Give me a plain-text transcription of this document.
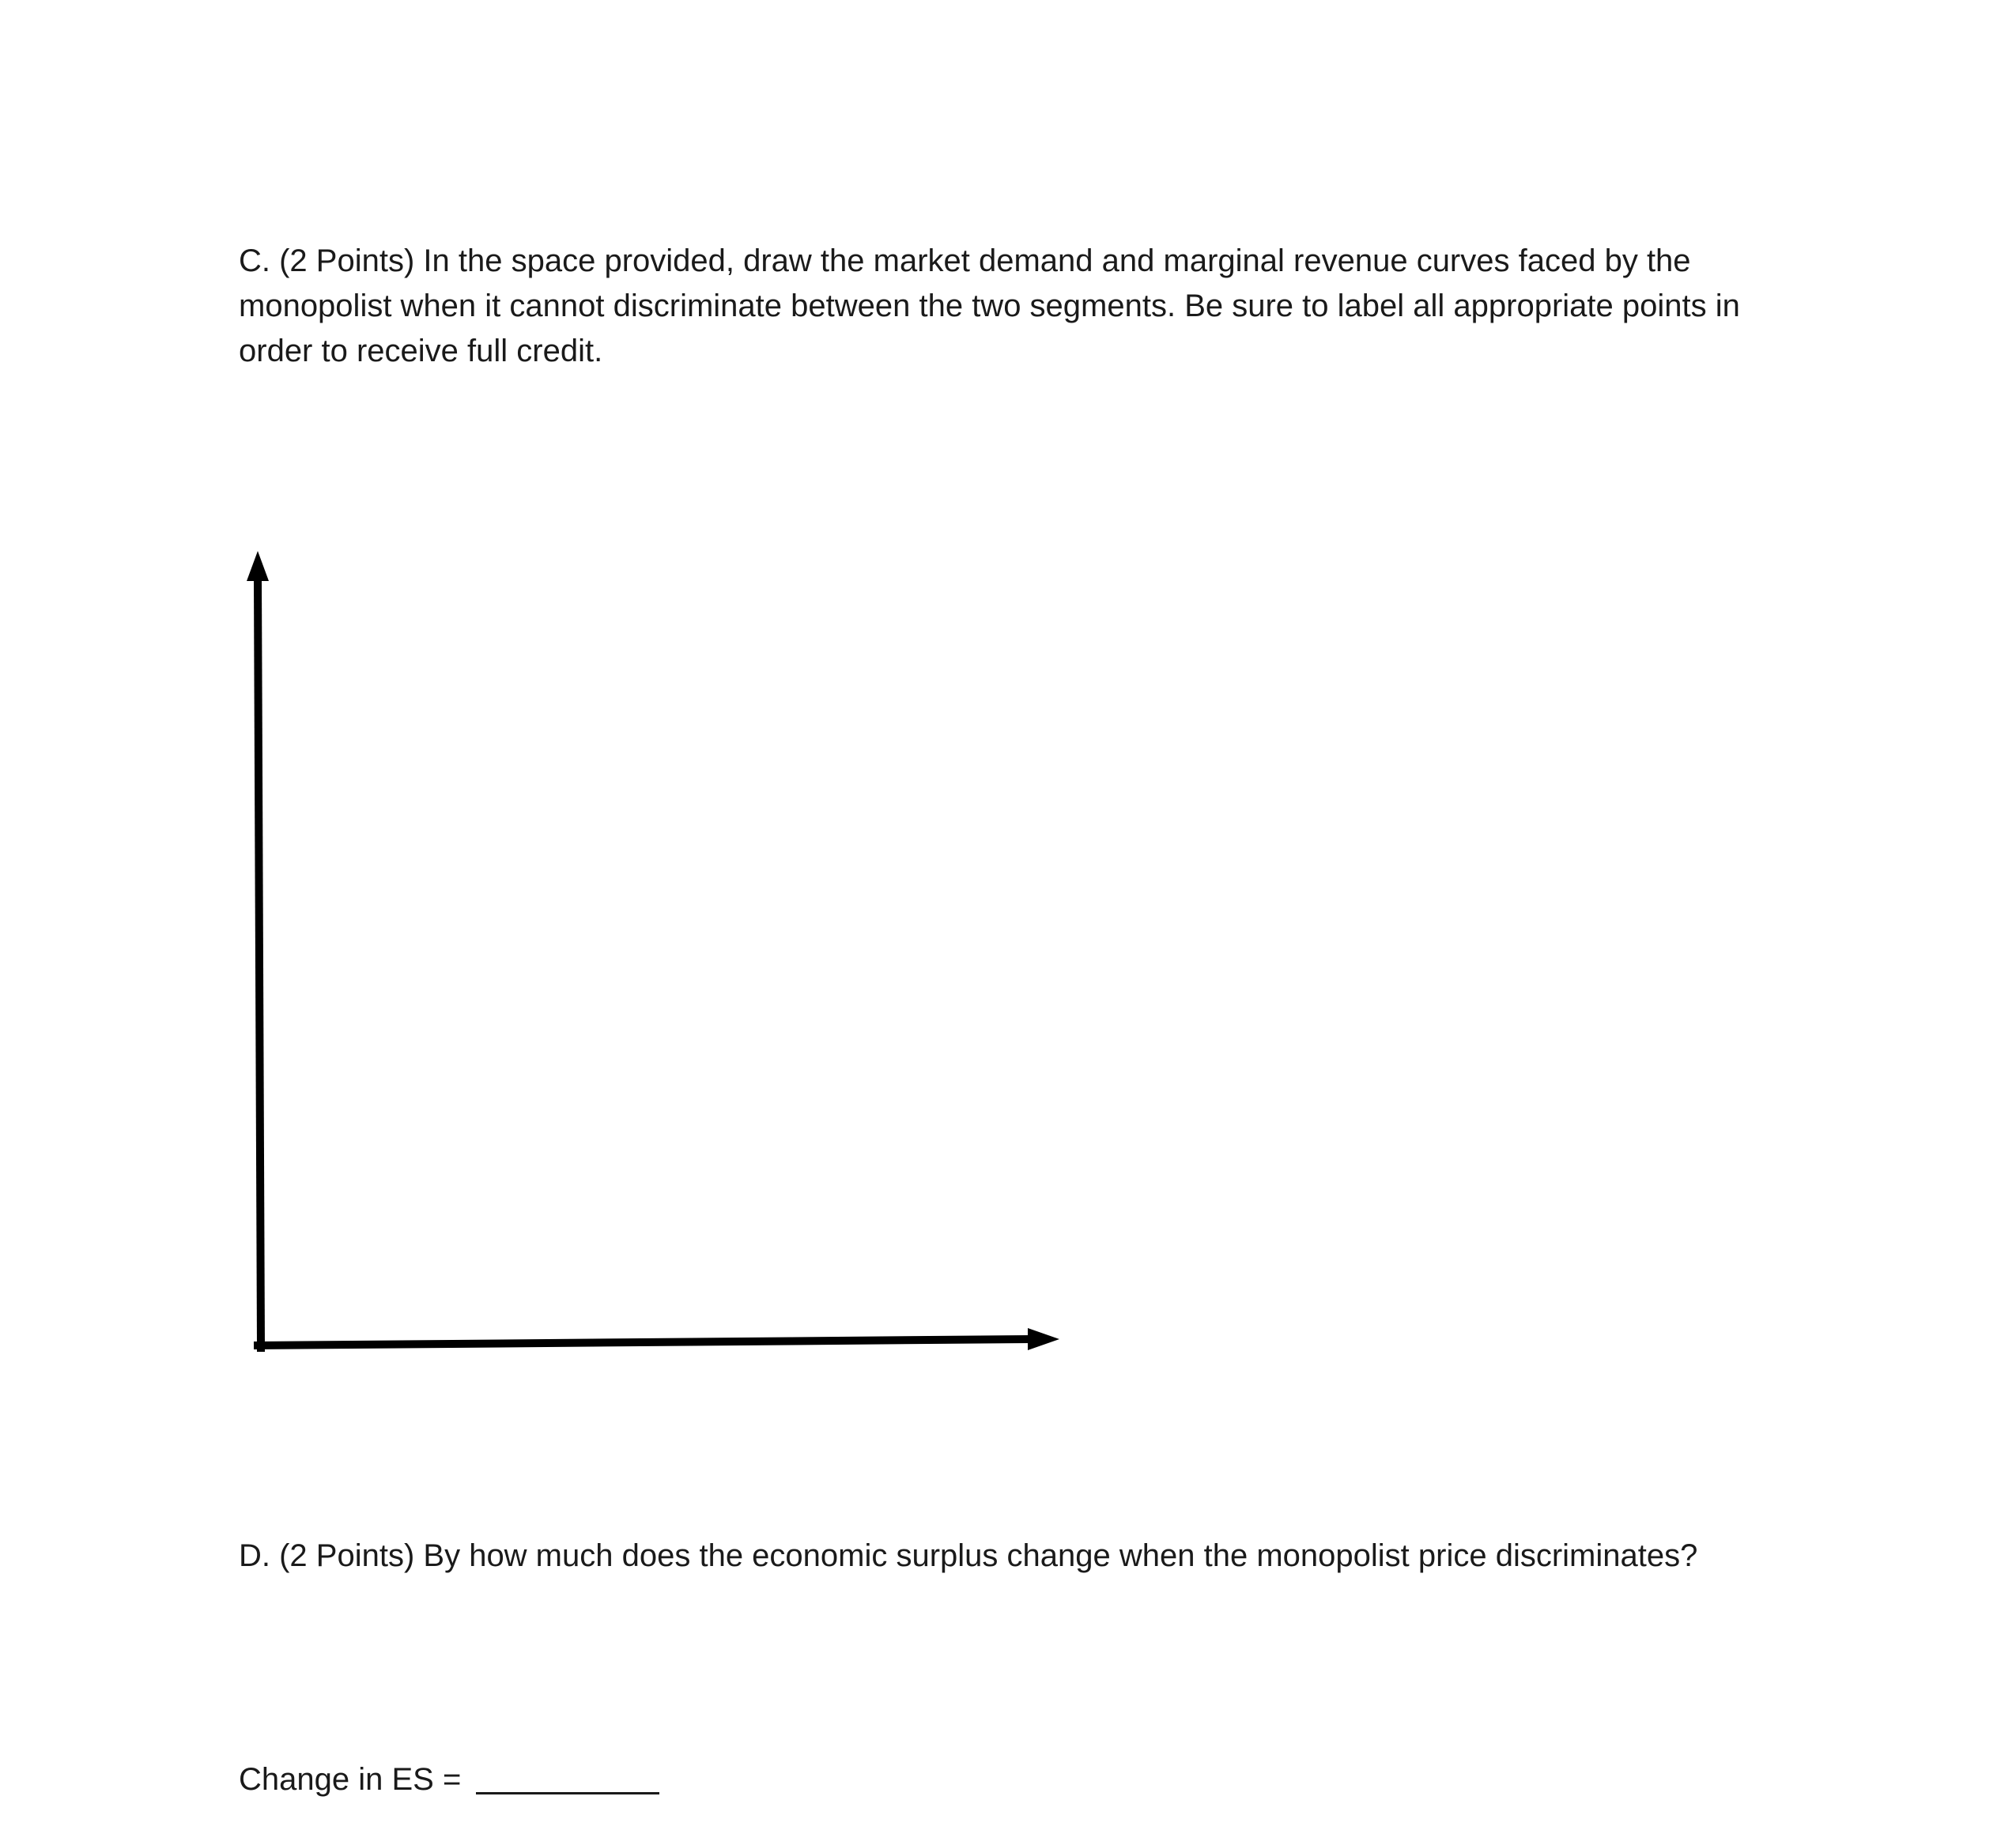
C. (2 Points) In the space provided, draw the market demand and marginal revenue curves faced by the monopolist when it cannot discriminate between the two segments. Be sure to label all appropriate points in order to receive full credit.

D. (2 Points) By how much does the economic surplus change when the monopolist price discriminates?

Change in ES =
